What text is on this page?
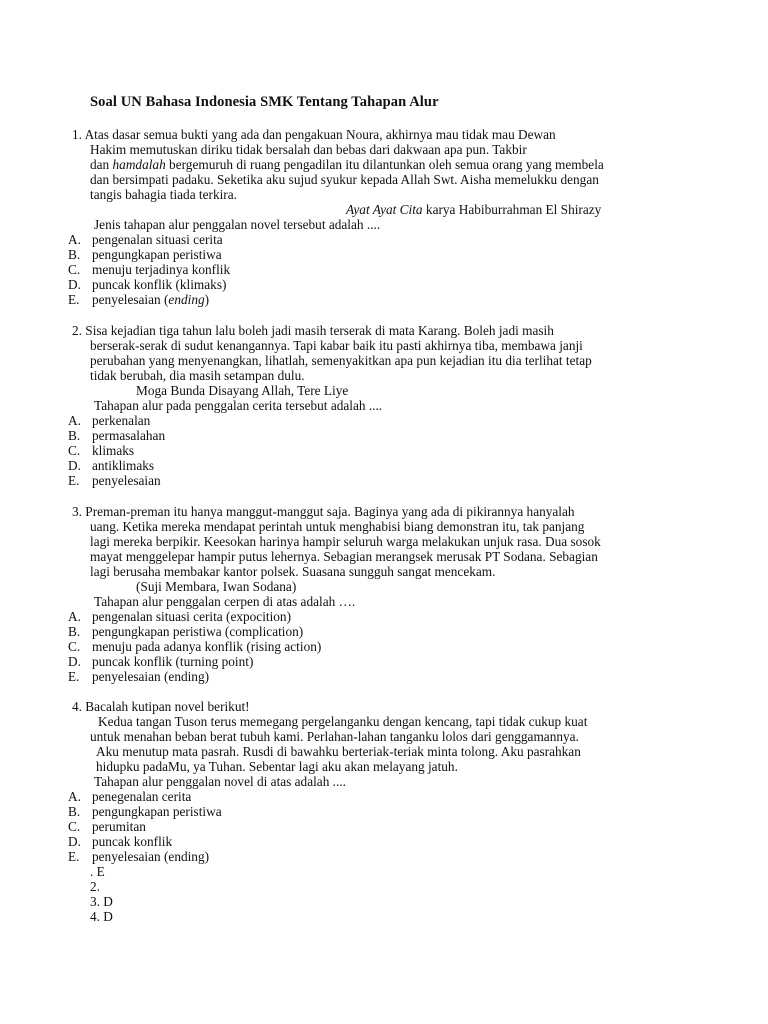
Soal UN Bahasa Indonesia SMK Tentang Tahapan Alur
1. Atas dasar semua bukti yang ada dan pengakuan Noura, akhirnya mau tidak mau Dewan
Hakim memutuskan diriku tidak bersalah dan bebas dari dakwaan apa pun. Takbir
dan hamdalah bergemuruh di ruang pengadilan itu dilantunkan oleh semua orang yang membela
dan bersimpati padaku. Seketika aku sujud syukur kepada Allah Swt. Aisha memelukku dengan
tangis bahagia tiada terkira.
Ayat Ayat Cita karya Habiburrahman El Shirazy
Jenis tahapan alur penggalan novel tersebut adalah ....
A. pengenalan situasi cerita
B. pengungkapan peristiwa
C. menuju terjadinya konflik
D. puncak konflik (klimaks)
E. penyelesaian (ending)
2. Sisa kejadian tiga tahun lalu boleh jadi masih terserak di mata Karang. Boleh jadi masih
berserak-serak di sudut kenangannya. Tapi kabar baik itu pasti akhirnya tiba, membawa janji
perubahan yang menyenangkan, lihatlah, semenyakitkan apa pun kejadian itu dia terlihat tetap
tidak berubah, dia masih setampan dulu.
Moga Bunda Disayang Allah, Tere Liye
Tahapan alur pada penggalan cerita tersebut adalah ....
A. perkenalan
B. permasalahan
C. klimaks
D. antiklimaks
E. penyelesaian
3. Preman-preman itu hanya manggut-manggut saja. Baginya yang ada di pikirannya hanyalah
uang. Ketika mereka mendapat perintah untuk menghabisi biang demonstran itu, tak panjang
lagi mereka berpikir. Keesokan harinya hampir seluruh warga melakukan unjuk rasa. Dua sosok
mayat menggelepar hampir putus lehernya. Sebagian merangsek merusak PT Sodana. Sebagian
lagi berusaha membakar kantor polsek. Suasana sungguh sangat mencekam.
(Suji Membara, Iwan Sodana)
Tahapan alur penggalan cerpen di atas adalah ….
A. pengenalan situasi cerita (expocition)
B. pengungkapan peristiwa (complication)
C. menuju pada adanya konflik (rising action)
D. puncak konflik (turning point)
E. penyelesaian (ending)
4. Bacalah kutipan novel berikut!
Kedua tangan Tuson terus memegang pergelanganku dengan kencang, tapi tidak cukup kuat
untuk menahan beban berat tubuh kami. Perlahan-lahan tanganku lolos dari genggamannya.
Aku menutup mata pasrah. Rusdi di bawahku berteriak-teriak minta tolong. Aku pasrahkan
hidupku padaMu, ya Tuhan. Sebentar lagi aku akan melayang jatuh.
Tahapan alur penggalan novel di atas adalah ....
A. penegenalan cerita
B. pengungkapan peristiwa
C. perumitan
D. puncak konflik
E. penyelesaian (ending)
. E
2.
3. D
4. D
